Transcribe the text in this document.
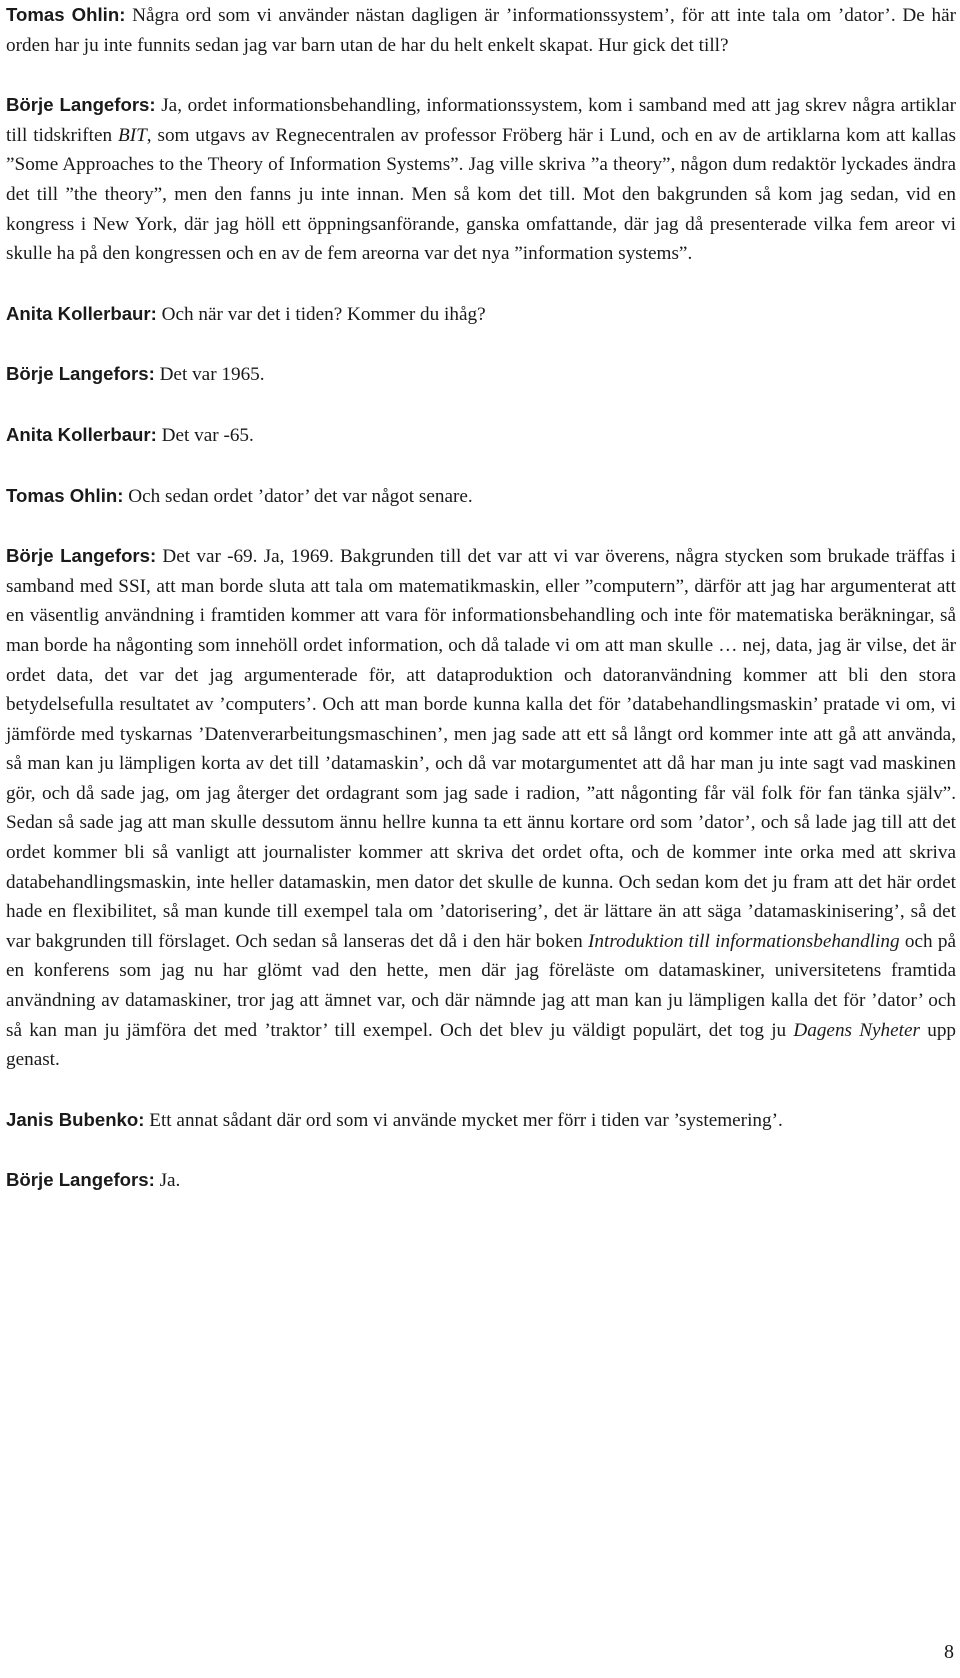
Tomas Ohlin: Några ord som vi använder nästan dagligen är ’informationssystem’, för att inte tala om ’dator’. De här orden har ju inte funnits sedan jag var barn utan de har du helt enkelt skapat. Hur gick det till?

Börje Langefors: Ja, ordet informationsbehandling, informationssystem, kom i samband med att jag skrev några artiklar till tidskriften BIT, som utgavs av Regnecentralen av professor Fröberg här i Lund, och en av de artiklarna kom att kallas ”Some Approaches to the Theory of Information Systems”. Jag ville skriva ”a theory”, någon dum redaktör lyckades ändra det till ”the theory”, men den fanns ju inte innan. Men så kom det till. Mot den bakgrunden så kom jag sedan, vid en kongress i New York, där jag höll ett öppningsanförande, ganska omfattande, där jag då presenterade vilka fem areor vi skulle ha på den kongressen och en av de fem areorna var det nya ”information systems”.

Anita Kollerbaur: Och när var det i tiden? Kommer du ihåg?

Börje Langefors: Det var 1965.

Anita Kollerbaur: Det var -65.

Tomas Ohlin: Och sedan ordet ’dator’ det var något senare.

Börje Langefors: Det var -69. Ja, 1969. Bakgrunden till det var att vi var överens, några stycken som brukade träffas i samband med SSI, att man borde sluta att tala om matematikmaskin, eller ”computern”, därför att jag har argumenterat att en väsentlig användning i framtiden kommer att vara för informationsbehandling och inte för matematiska beräkningar, så man borde ha någonting som innehöll ordet information, och då talade vi om att man skulle … nej, data, jag är vilse, det är ordet data, det var det jag argumenterade för, att dataproduktion och datoranvändning kommer att bli den stora betydelsefulla resultatet av ’computers’. Och att man borde kunna kalla det för ’databehandlingsmaskin’ pratade vi om, vi jämförde med tyskarnas ’Datenverarbeitungsmaschinen’, men jag sade att ett så långt ord kommer inte att gå att använda, så man kan ju lämpligen korta av det till ’datamaskin’, och då var motargumentet att då har man ju inte sagt vad maskinen gör, och då sade jag, om jag återger det ordagrant som jag sade i radion, ”att någonting får väl folk för fan tänka själv”. Sedan så sade jag att man skulle dessutom ännu hellre kunna ta ett ännu kortare ord som ’dator’, och så lade jag till att det ordet kommer bli så vanligt att journalister kommer att skriva det ordet ofta, och de kommer inte orka med att skriva databehandlingsmaskin, inte heller datamaskin, men dator det skulle de kunna. Och sedan kom det ju fram att det här ordet hade en flexibilitet, så man kunde till exempel tala om ’datorisering’, det är lättare än att säga ’datamaskinisering’, så det var bakgrunden till förslaget. Och sedan så lanseras det då i den här boken Introduktion till informationsbehandling och på en konferens som jag nu har glömt vad den hette, men där jag föreläste om datamaskiner, universitetens framtida användning av datamaskiner, tror jag att ämnet var, och där nämnde jag att man kan ju lämpligen kalla det för ’dator’ och så kan man ju jämföra det med ’traktor’ till exempel. Och det blev ju väldigt populärt, det tog ju Dagens Nyheter upp genast.

Janis Bubenko: Ett annat sådant där ord som vi använde mycket mer förr i tiden var ’systemering’.

Börje Langefors: Ja.

8
